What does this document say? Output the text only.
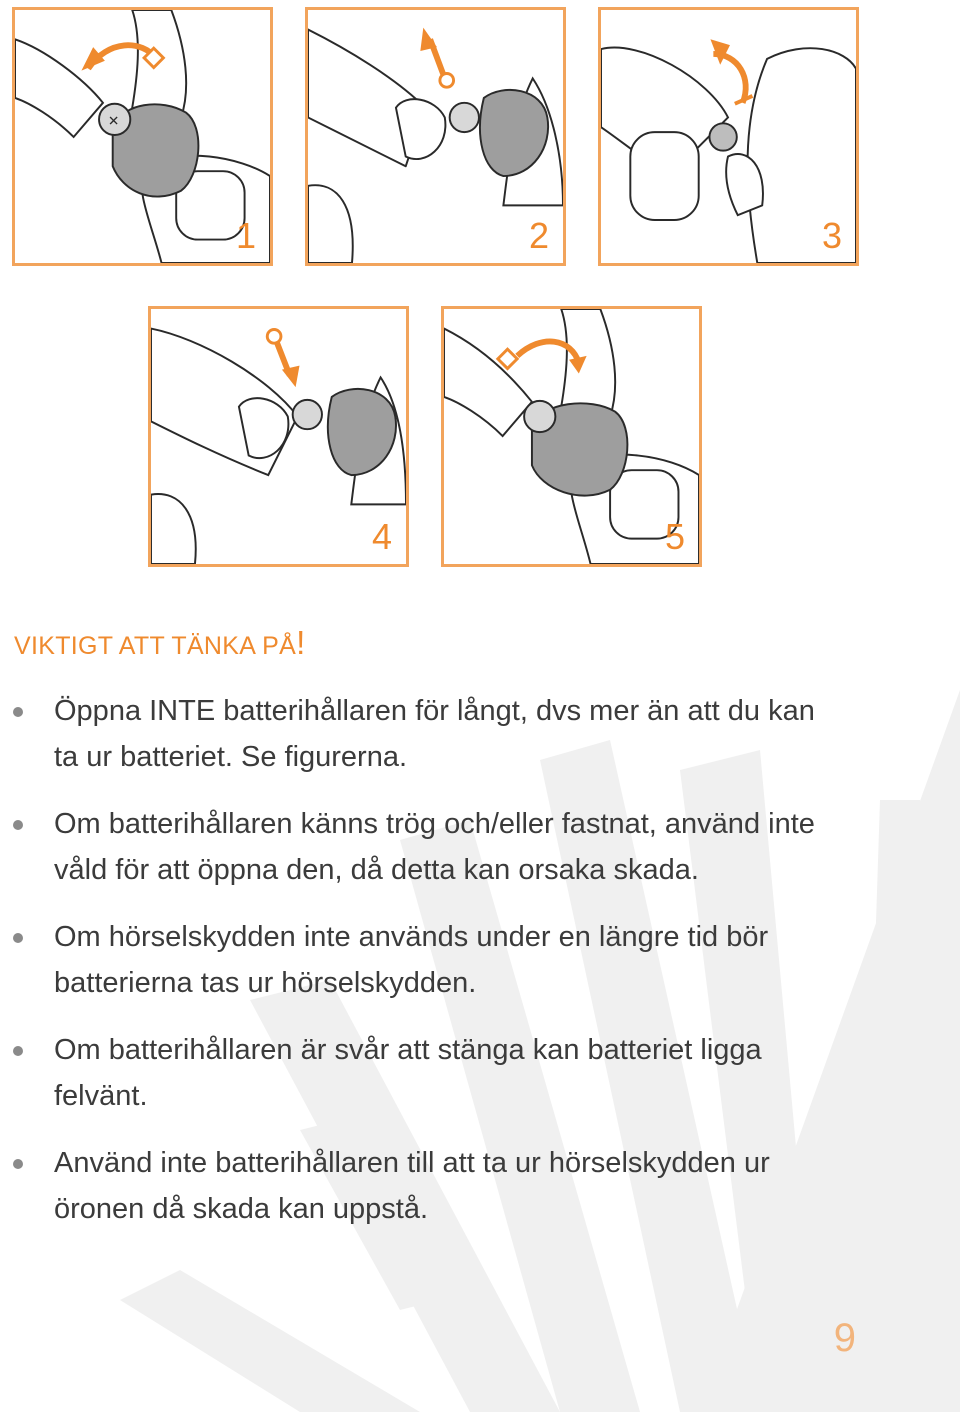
✕
1	2	3
4	5
VIKTIGT ATT TÄNKA PÅ!
Öppna INTE batterihållaren för långt, dvs mer än att du kan ta ur batteriet. Se figurerna.
Om batterihållaren känns trög och/eller fastnat, använd inte våld för att öppna den, då detta kan orsaka skada.
Om hörselskydden inte används under en längre tid bör batterierna tas ur hörselskydden.
Om batterihållaren är svår att stänga kan batteriet ligga felvänt.
Använd inte batterihållaren till att ta ur hörselskydden ur öronen då skada kan uppstå.
9
